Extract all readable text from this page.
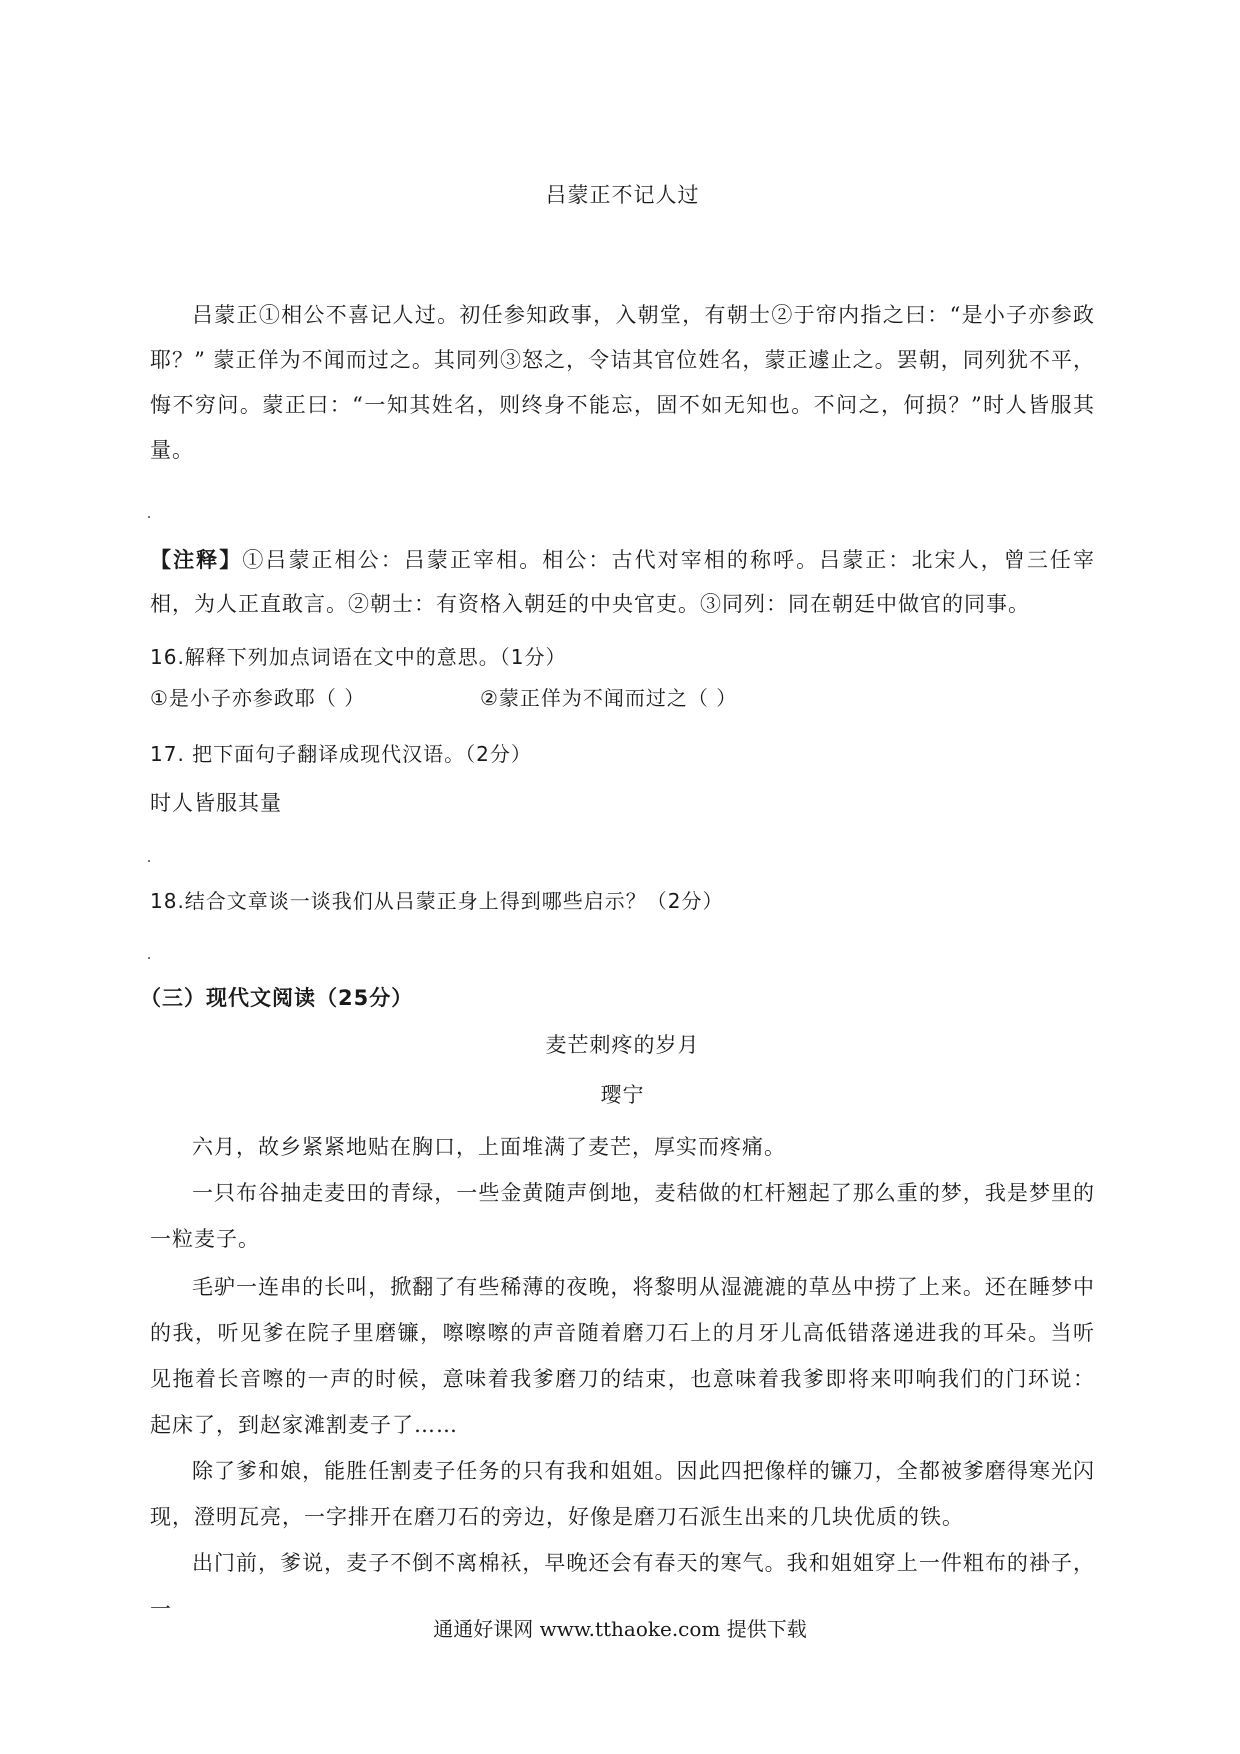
吕蒙正不记人过
吕蒙正①相公不喜记人过。初任参知政事，入朝堂，有朝士②于帘内指之曰：“是小子亦参政耶？” 蒙正佯为不闻而过之。其同列③怒之，令诘其官位姓名，蒙正遽止之。罢朝，同列犹不平，悔不穷问。蒙正曰：“一知其姓名，则终身不能忘，固不如无知也。不问之，何损？”时人皆服其量。
【注释】①吕蒙正相公：吕蒙正宰相。相公：古代对宰相的称呼。吕蒙正：北宋人，曾三任宰相，为人正直敢言。②朝士：有资格入朝廷的中央官吏。③同列：同在朝廷中做官的同事。
16.解释下列加点词语在文中的意思。（1分）
①是小子亦参政耶（ ）	②蒙正佯为不闻而过之（ ）
17. 把下面句子翻译成现代汉语。（2分）
时人皆服其量
18.结合文章谈一谈我们从吕蒙正身上得到哪些启示？（2分）
（三）现代文阅读（25分）
麦芒刺疼的岁月
璎宁
六月，故乡紧紧地贴在胸口，上面堆满了麦芒，厚实而疼痛。
一只布谷抽走麦田的青绿，一些金黄随声倒地，麦秸做的杠杆翘起了那么重的梦，我是梦里的一粒麦子。
毛驴一连串的长叫，掀翻了有些稀薄的夜晚，将黎明从湿漉漉的草丛中捞了上来。还在睡梦中的我，听见爹在院子里磨镰，嚓嚓嚓的声音随着磨刀石上的月牙儿高低错落递进我的耳朵。当听见拖着长音嚓的一声的时候，意味着我爹磨刀的结束，也意味着我爹即将来叩响我们的门环说：起床了，到赵家滩割麦子了……
除了爹和娘，能胜任割麦子任务的只有我和姐姐。因此四把像样的镰刀，全都被爹磨得寒光闪现，澄明瓦亮，一字排开在磨刀石的旁边，好像是磨刀石派生出来的几块优质的铁。
出门前，爹说，麦子不倒不离棉袄，早晚还会有春天的寒气。我和姐姐穿上一件粗布的褂子，一
通通好课网 www.tthaoke.com 提供下载
